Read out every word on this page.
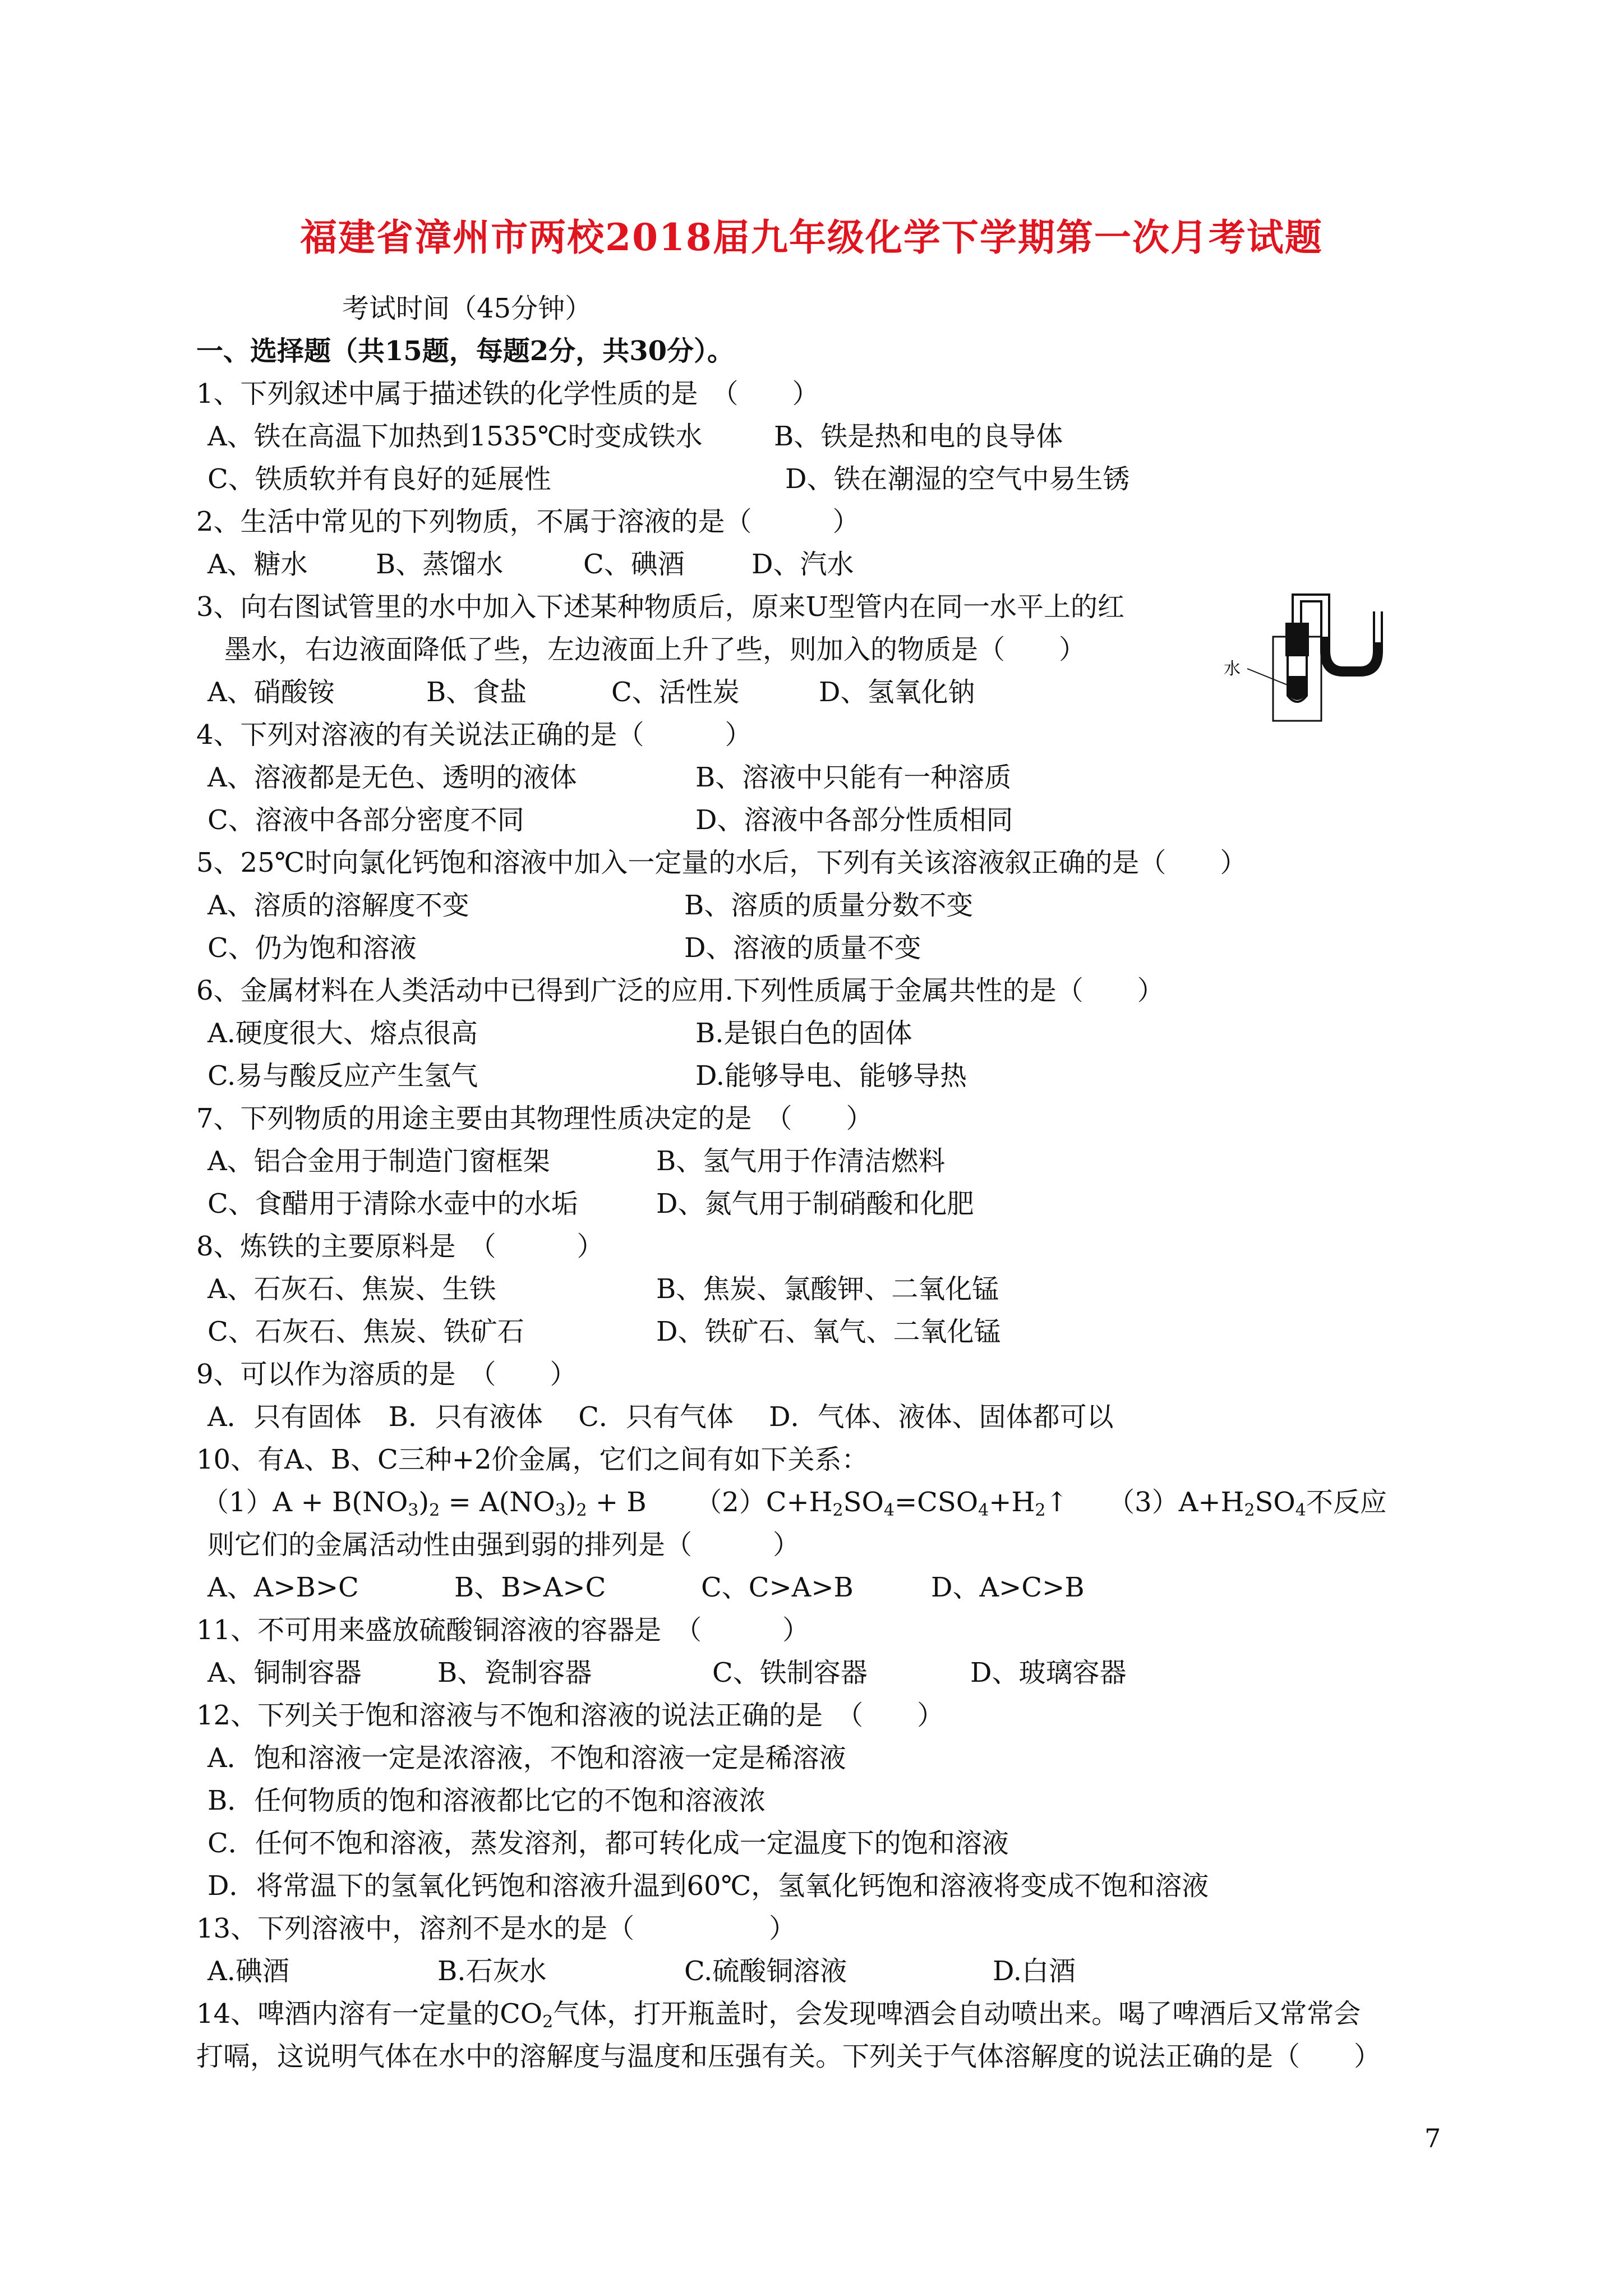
福建省漳州市两校2018届九年级化学下学期第一次月考试题
考试时间（45分钟）
一、选择题（共15题，每题2分，共30分）。
1、下列叙述中属于描述铁的化学性质的是　（　　）
A、铁在高温下加热到1535℃时变成铁水	B、铁是热和电的良导体
C、铁质软并有良好的延展性	D、铁在潮湿的空气中易生锈
2、生活中常见的下列物质，不属于溶液的是（　　　）
A、糖水	B、蒸馏水	C、碘酒 D、汽水
3、向右图试管里的水中加入下述某种物质后，原来U型管内在同一水平上的红
墨水，右边液面降低了些，左边液面上升了些，则加入的物质是（　　）
A、硝酸铵	B、食盐	C、活性炭	D、氢氧化钠
水
4、下列对溶液的有关说法正确的是（　　　）
A、溶液都是无色、透明的液体	B、溶液中只能有一种溶质
C、溶液中各部分密度不同	D、溶液中各部分性质相同
5、25℃时向氯化钙饱和溶液中加入一定量的水后，下列有关该溶液叙正确的是（　　）
A、溶质的溶解度不变	B、溶质的质量分数不变
C、仍为饱和溶液	D、溶液的质量不变
6、金属材料在人类活动中已得到广泛的应用.下列性质属于金属共性的是（　　）
A.硬度很大、熔点很高	B.是银白色的固体
C.易与酸反应产生氢气	D.能够导电、能够导热
7、下列物质的用途主要由其物理性质决定的是　（　　）
A、铝合金用于制造门窗框架	B、氢气用于作清洁燃料
C、食醋用于清除水壶中的水垢	D、氮气用于制硝酸和化肥
8、炼铁的主要原料是　（　　　）
A、石灰石、焦炭、生铁	B、焦炭、氯酸钾、二氧化锰
C、石灰石、焦炭、铁矿石	D、铁矿石、氧气、二氧化锰
9、可以作为溶质的是　（　　）
A．只有固体　B．只有液体　 C．只有气体　 D．气体、液体、固体都可以
10、有A、B、C三种+2价金属，它们之间有如下关系：
$(1)A + B(NO_3)_2 = A(NO_3)_2 + B$ $(2)C+H_2SO_4=CSO_4+H_2↑$ $(3)A+H_2SO_4$不反应
则它们的金属活动性由强到弱的排列是（　　　）
A、A>B>C	B、B>A>C	C、C>A>B	D、A>C>B
11、不可用来盛放硫酸铜溶液的容器是　（　　　）
A、铜制容器	B、瓷制容器	C、铁制容器	D、玻璃容器
12、下列关于饱和溶液与不饱和溶液的说法正确的是　（　　）
A．饱和溶液一定是浓溶液，不饱和溶液一定是稀溶液
B．任何物质的饱和溶液都比它的不饱和溶液浓
C．任何不饱和溶液，蒸发溶剂，都可转化成一定温度下的饱和溶液
D．将常温下的氢氧化钙饱和溶液升温到60℃，氢氧化钙饱和溶液将变成不饱和溶液
13、下列溶液中，溶剂不是水的是（　　　　　）
A.碘酒	B.石灰水	C.硫酸铜溶液	D.白酒
14、啤酒内溶有一定量的$CO_2$气体，打开瓶盖时，会发现啤酒会自动喷出来。喝了啤酒后又常常会
打嗝，这说明气体在水中的溶解度与温度和压强有关。下列关于气体溶解度的说法正确的是（　　）
7
